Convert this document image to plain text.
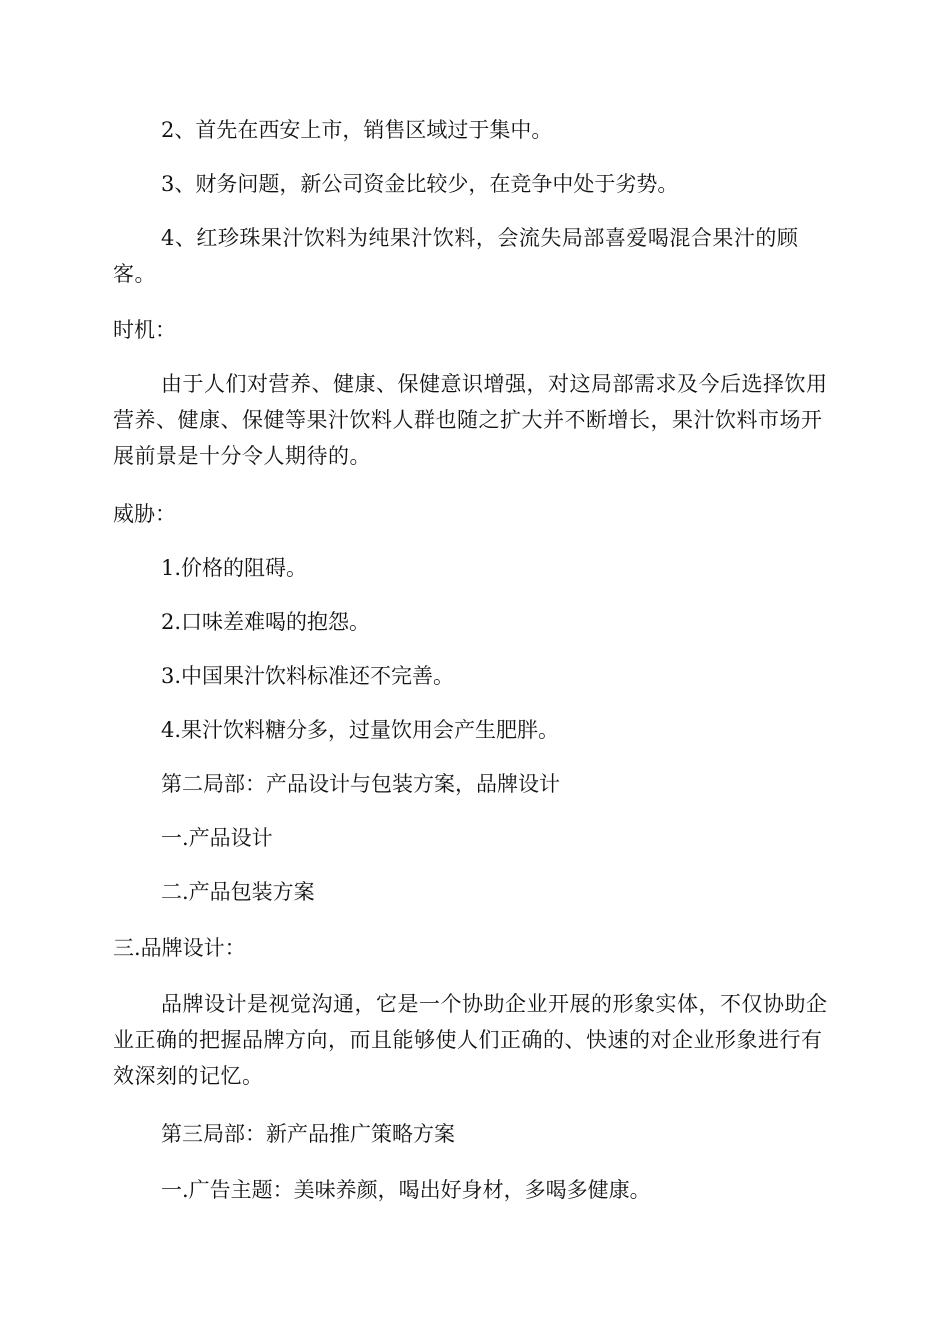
2、首先在西安上市，销售区域过于集中。

3、财务问题，新公司资金比较少，在竞争中处于劣势。

4、红珍珠果汁饮料为纯果汁饮料，会流失局部喜爱喝混合果汁的顾客。

时机：

由于人们对营养、健康、保健意识增强，对这局部需求及今后选择饮用营养、健康、保健等果汁饮料人群也随之扩大并不断增长，果汁饮料市场开展前景是十分令人期待的。

威胁：

1.价格的阻碍。

2.口味差难喝的抱怨。

3.中国果汁饮料标准还不完善。

4.果汁饮料糖分多，过量饮用会产生肥胖。

第二局部：产品设计与包装方案，品牌设计

一.产品设计

二.产品包装方案

三.品牌设计：

品牌设计是视觉沟通，它是一个协助企业开展的形象实体，不仅协助企业正确的把握品牌方向，而且能够使人们正确的、快速的对企业形象进行有效深刻的记忆。

第三局部：新产品推广策略方案

一.广告主题：美味养颜，喝出好身材，多喝多健康。
